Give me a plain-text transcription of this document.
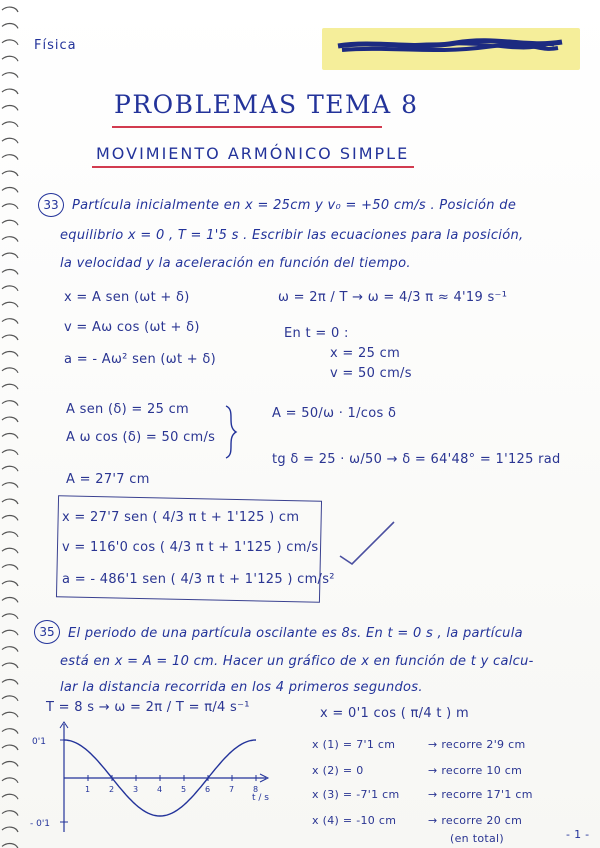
Física
PROBLEMAS TEMA 8
MOVIMIENTO ARMÓNICO SIMPLE
33	Partícula inicialmente en x = 25cm y v₀ = +50 cm/s . Posición de
equilibrio x = 0 , T = 1'5 s . Escribir las ecuaciones para la posición,
la velocidad y la aceleración en función del tiempo.
x = A sen (ωt + δ)
v = Aω cos (ωt + δ)
a = - Aω² sen (ωt + δ)
ω = 2π / T → ω = 4/3 π ≈ 4'19 s⁻¹
En t = 0 :
x = 25 cm
v = 50 cm/s
A sen (δ) = 25 cm
A ω cos (δ) = 50 cm/s
A = 50/ω · 1/cos δ
tg δ = 25 · ω/50 → δ = 64'48° = 1'125 rad
A = 27'7 cm
x = 27'7 sen ( 4/3 π t + 1'125 ) cm
v = 116'0 cos ( 4/3 π t + 1'125 ) cm/s
a = - 486'1 sen ( 4/3 π t + 1'125 ) cm/s²
35	El periodo de una partícula oscilante es 8s. En t = 0 s , la partícula
está en x = A = 10 cm. Hacer un gráfico de x en función de t y calcu-
lar la distancia recorrida en los 4 primeros segundos.
T = 8 s → ω = 2π / T = π/4 s⁻¹	x = 0'1 cos ( π/4 t ) m
x (1) = 7'1 cm	→ recorre 2'9 cm
x (2) = 0	→ recorre 10 cm
x (3) = -7'1 cm	→ recorre 17'1 cm
x (4) = -10 cm	→ recorre 20 cm
(en total)
1 2 3 4 5 6 7 8
0'1
- 0'1
t / s
- 1 -
